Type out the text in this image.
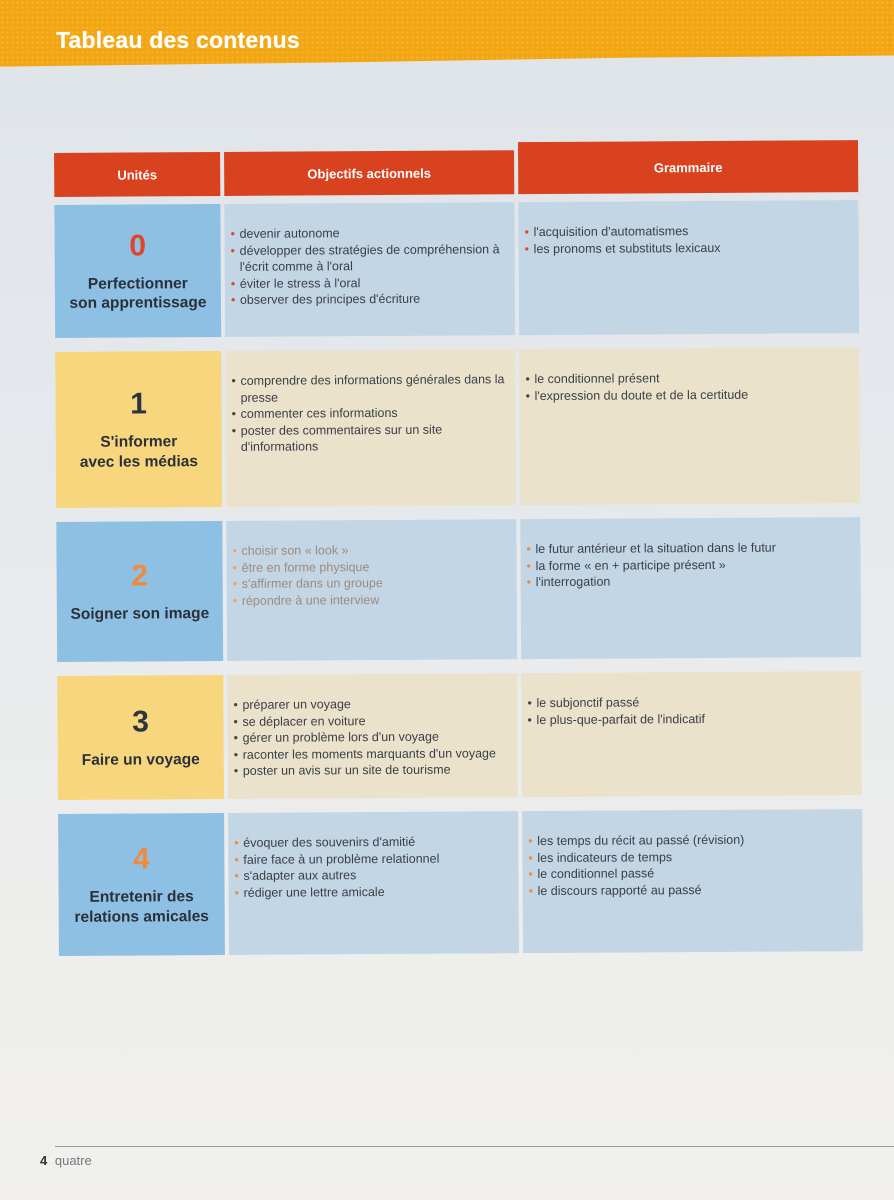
Tableau des contenus
Unités	Objectifs actionnels	Grammaire
0
Perfectionner
son apprentissage
• devenir autonome
• développer des stratégies de compréhension à l'écrit comme à l'oral
• éviter le stress à l'oral
• observer des principes d'écriture
• l'acquisition d'automatismes
• les pronoms et substituts lexicaux
1
S'informer
avec les médias
• comprendre des informations générales dans la presse
• commenter ces informations
• poster des commentaires sur un site d'informations
• le conditionnel présent
• l'expression du doute et de la certitude
2
Soigner son image
• choisir son « look »
• être en forme physique
• s'affirmer dans un groupe
• répondre à une interview
• le futur antérieur et la situation dans le futur
• la forme « en + participe présent »
• l'interrogation
3
Faire un voyage
• préparer un voyage
• se déplacer en voiture
• gérer un problème lors d'un voyage
• raconter les moments marquants d'un voyage
• poster un avis sur un site de tourisme
• le subjonctif passé
• le plus-que-parfait de l'indicatif
4
Entretenir des
relations amicales
• évoquer des souvenirs d'amitié
• faire face à un problème relationnel
• s'adapter aux autres
• rédiger une lettre amicale
• les temps du récit au passé (révision)
• les indicateurs de temps
• le conditionnel passé
• le discours rapporté au passé
4 quatre
